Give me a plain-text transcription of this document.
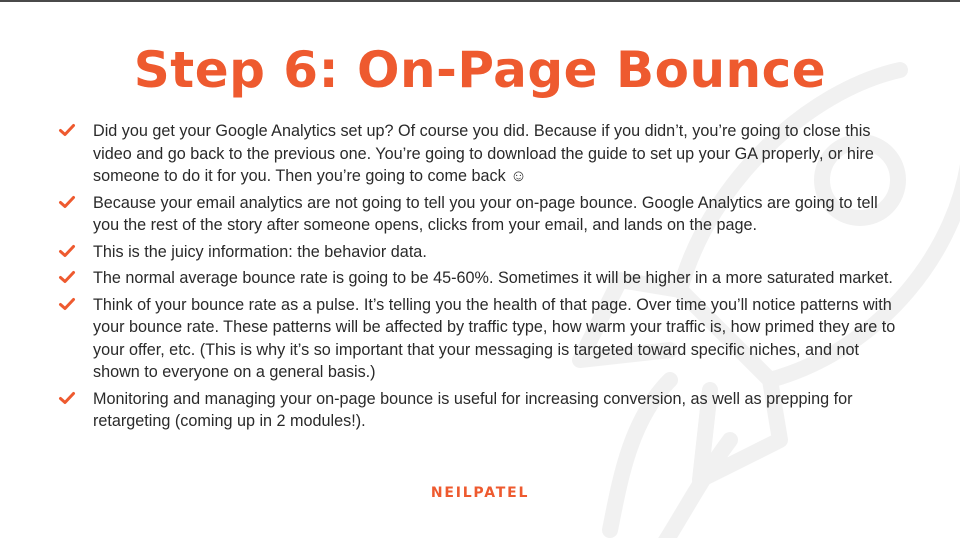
Step 6: On-Page Bounce
Did you get your Google Analytics set up? Of course you did. Because if you didn’t, you’re going to close this video and go back to the previous one. You’re going to download the guide to set up your GA properly, or hire someone to do it for you. Then you’re going to come back ☺
Because your email analytics are not going to tell you your on-page bounce. Google Analytics are going to tell you the rest of the story after someone opens, clicks from your email, and lands on the page.
This is the juicy information: the behavior data.
The normal average bounce rate is going to be 45-60%. Sometimes it will be higher in a more saturated market.
Think of your bounce rate as a pulse. It’s telling you the health of that page. Over time you’ll notice patterns with your bounce rate. These patterns will be affected by traffic type, how warm your traffic is, how primed they are to your offer, etc. (This is why it’s so important that your messaging is targeted toward specific niches, and not shown to everyone on a general basis.)
Monitoring and managing your on-page bounce is useful for increasing conversion, as well as prepping for retargeting (coming up in 2 modules!).
NEILPATEL
